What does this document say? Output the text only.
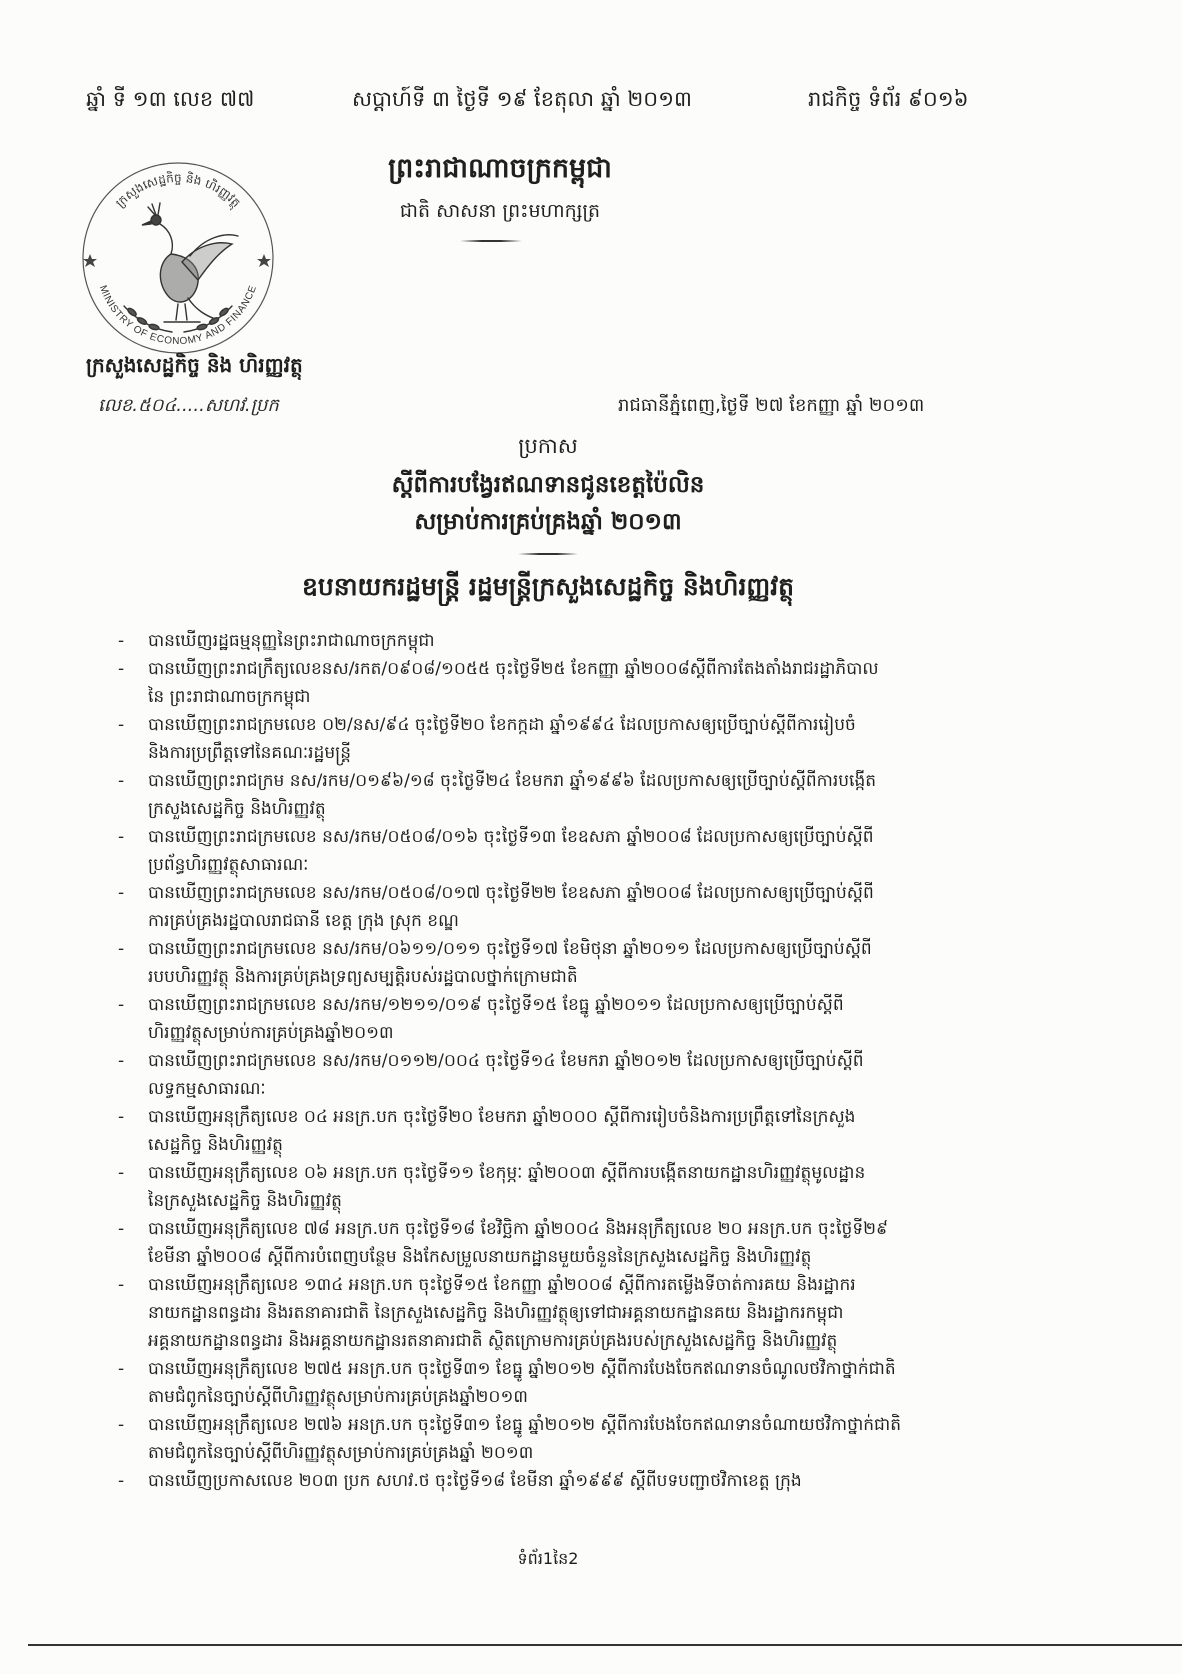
ឆ្នាំ ទី ១៣ លេខ ៧៧	សប្តាហ៍ទី ៣ ថ្ងៃទី ១៩ ខែតុលា ឆ្នាំ ២០១៣	រាជកិច្ច ទំព័រ ៩០១៦
ព្រះរាជាណាចក្រកម្ពុជា
ជាតិ សាសនា ព្រះមហាក្សត្រ
ក្រសួងសេដ្ឋកិច្ច និង ហិរញ្ញវត្ថុ
MINISTRY OF ECONOMY AND FINANCE
ក្រសួងសេដ្ឋកិច្ច និង ហិរញ្ញវត្ថុ
លេខ.៥០៤.....សហវ.ប្រក	រាជធានីភ្នំពេញ,ថ្ងៃទី ២៧ ខែកញ្ញា ឆ្នាំ ២០១៣
ប្រកាស
ស្តីពីការបង្វែរឥណទានជូនខេត្តប៉ៃលិន
សម្រាប់ការគ្រប់គ្រងឆ្នាំ ២០១៣
ឧបនាយករដ្ឋមន្ត្រី រដ្ឋមន្ត្រីក្រសួងសេដ្ឋកិច្ច និងហិរញ្ញវត្ថុ
-	បានឃើញរដ្ឋធម្មនុញ្ញនៃព្រះរាជាណាចក្រកម្ពុជា
-	បានឃើញព្រះរាជក្រឹត្យលេខនស/រកត/០៩០៨/១០៥៥ ចុះថ្ងៃទី២៥ ខែកញ្ញា ឆ្នាំ២០០៨ស្តីពីការតែងតាំងរាជរដ្ឋាភិបាល
នៃ ព្រះរាជាណាចក្រកម្ពុជា
-	បានឃើញព្រះរាជក្រមលេខ ០២/នស/៩៤ ចុះថ្ងៃទី២០ ខែកក្កដា ឆ្នាំ១៩៩៤ ដែលប្រកាសឲ្យប្រើច្បាប់ស្តីពីការរៀបចំ
និងការប្រព្រឹត្តទៅនៃគណៈរដ្ឋមន្ត្រី
-	បានឃើញព្រះរាជក្រម នស/រកម/០១៩៦/១៨ ចុះថ្ងៃទី២៤ ខែមករា ឆ្នាំ១៩៩៦ ដែលប្រកាសឲ្យប្រើច្បាប់ស្តីពីការបង្កើត
ក្រសួងសេដ្ឋកិច្ច និងហិរញ្ញវត្ថុ
-	បានឃើញព្រះរាជក្រមលេខ នស/រកម/០៥០៨/០១៦ ចុះថ្ងៃទី១៣ ខែឧសភា ឆ្នាំ២០០៨ ដែលប្រកាសឲ្យប្រើច្បាប់ស្តីពី
ប្រព័ន្ធហិរញ្ញវត្ថុសាធារណៈ
-	បានឃើញព្រះរាជក្រមលេខ នស/រកម/០៥០៨/០១៧ ចុះថ្ងៃទី២២ ខែឧសភា ឆ្នាំ២០០៨ ដែលប្រកាសឲ្យប្រើច្បាប់ស្តីពី
ការគ្រប់គ្រងរដ្ឋបាលរាជធានី ខេត្ត ក្រុង ស្រុក ខណ្ឌ
-	បានឃើញព្រះរាជក្រមលេខ នស/រកម/០៦១១/០១១ ចុះថ្ងៃទី១៧ ខែមិថុនា ឆ្នាំ២០១១ ដែលប្រកាសឲ្យប្រើច្បាប់ស្តីពី
របបហិរញ្ញវត្ថុ និងការគ្រប់គ្រងទ្រព្យសម្បត្តិរបស់រដ្ឋបាលថ្នាក់ក្រោមជាតិ
-	បានឃើញព្រះរាជក្រមលេខ នស/រកម/១២១១/០១៩ ចុះថ្ងៃទី១៥ ខែធ្នូ ឆ្នាំ២០១១ ដែលប្រកាសឲ្យប្រើច្បាប់ស្តីពី
ហិរញ្ញវត្ថុសម្រាប់ការគ្រប់គ្រងឆ្នាំ២០១៣
-	បានឃើញព្រះរាជក្រមលេខ នស/រកម/០១១២/០០៤ ចុះថ្ងៃទី១៤ ខែមករា ឆ្នាំ២០១២ ដែលប្រកាសឲ្យប្រើច្បាប់ស្តីពី
លទ្ធកម្មសាធារណៈ
-	បានឃើញអនុក្រឹត្យលេខ ០៤ អនក្រ.បក ចុះថ្ងៃទី២០ ខែមករា ឆ្នាំ២០០០ ស្តីពីការរៀបចំនិងការប្រព្រឹត្តទៅនៃក្រសួង
សេដ្ឋកិច្ច និងហិរញ្ញវត្ថុ
-	បានឃើញអនុក្រឹត្យលេខ ០៦ អនក្រ.បក ចុះថ្ងៃទី១១ ខែកុម្ភៈ ឆ្នាំ២០០៣ ស្តីពីការបង្កើតនាយកដ្ឋានហិរញ្ញវត្ថុមូលដ្ឋាន
នៃក្រសួងសេដ្ឋកិច្ច និងហិរញ្ញវត្ថុ
-	បានឃើញអនុក្រឹត្យលេខ ៧៨ អនក្រ.បក ចុះថ្ងៃទី១៨ ខែវិច្ឆិកា ឆ្នាំ២០០៤ និងអនុក្រឹត្យលេខ ២០ អនក្រ.បក ចុះថ្ងៃទី២៩
ខែមីនា ឆ្នាំ២០០៨ ស្តីពីការបំពេញបន្ថែម និងកែសម្រួលនាយកដ្ឋានមួយចំនួននៃក្រសួងសេដ្ឋកិច្ច និងហិរញ្ញវត្ថុ
-	បានឃើញអនុក្រឹត្យលេខ ១៣៤ អនក្រ.បក ចុះថ្ងៃទី១៥ ខែកញ្ញា ឆ្នាំ២០០៨ ស្តីពីការតម្លើងទីចាត់ការគយ និងរដ្ឋាករ
នាយកដ្ឋានពន្ធដារ និងរតនាគារជាតិ នៃក្រសួងសេដ្ឋកិច្ច និងហិរញ្ញវត្ថុឲ្យទៅជាអគ្គនាយកដ្ឋានគយ និងរដ្ឋាករកម្ពុជា
អគ្គនាយកដ្ឋានពន្ធដារ និងអគ្គនាយកដ្ឋានរតនាគារជាតិ ស្ថិតក្រោមការគ្រប់គ្រងរបស់ក្រសួងសេដ្ឋកិច្ច និងហិរញ្ញវត្ថុ
-	បានឃើញអនុក្រឹត្យលេខ ២៧៥ អនក្រ.បក ចុះថ្ងៃទី៣១ ខែធ្នូ ឆ្នាំ២០១២ ស្តីពីការបែងចែកឥណទានចំណូលថវិកាថ្នាក់ជាតិ
តាមជំពូកនៃច្បាប់ស្តីពីហិរញ្ញវត្ថុសម្រាប់ការគ្រប់គ្រងឆ្នាំ២០១៣
-	បានឃើញអនុក្រឹត្យលេខ ២៧៦ អនក្រ.បក ចុះថ្ងៃទី៣១ ខែធ្នូ ឆ្នាំ២០១២ ស្តីពីការបែងចែកឥណទានចំណាយថវិកាថ្នាក់ជាតិ
តាមជំពូកនៃច្បាប់ស្តីពីហិរញ្ញវត្ថុសម្រាប់ការគ្រប់គ្រងឆ្នាំ ២០១៣
-	បានឃើញប្រកាសលេខ ២០៣ ប្រក សហវ.ថ ចុះថ្ងៃទី១៨ ខែមីនា ឆ្នាំ១៩៩៩ ស្តីពីបទបញ្ជាថវិកាខេត្ត ក្រុង
ទំព័រ1នៃ2
